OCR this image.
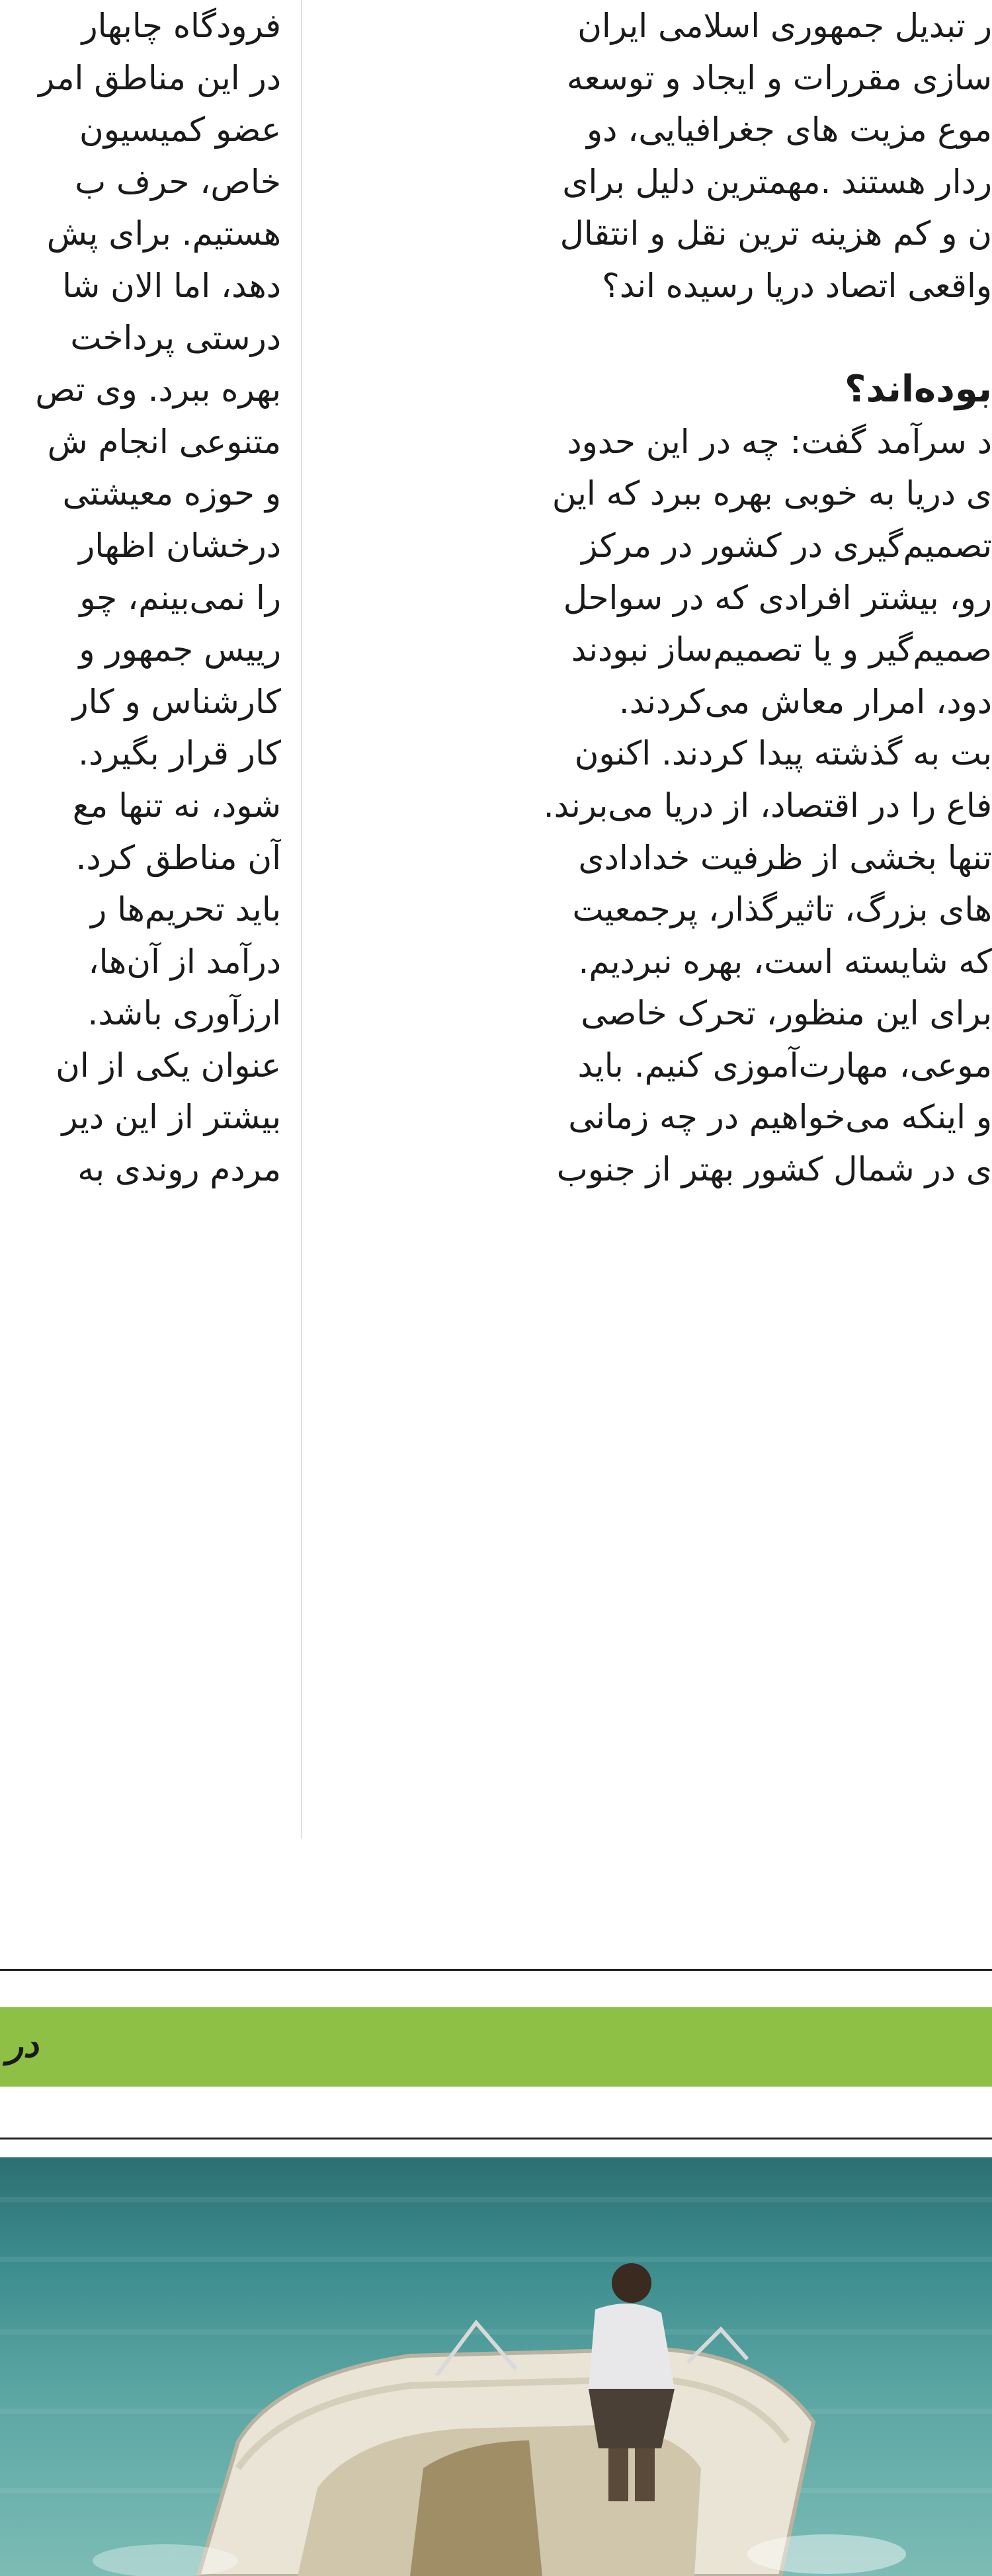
فرودگاه چابهار
در این مناطق امر
عضو کمیسیون
خاص، حرف ب
هستیم. برای پش
دهد، اما الان شا
درستی پرداخت
بهره ببرد. وی تص
متنوعی انجام ش
و حوزه معیشتی
درخشان اظهار
را نمی‌بینم، چو
رییس جمهور و
کارشناس و کار
کار قرار بگیرد.
شود، نه تنها مع
آن مناطق کرد.
باید تحریم‌ها ر
درآمد از آن‌ها،
ارزآوری باشد.
عنوان یکی از ان
بیشتر از این دیر
مردم روندی به
ر تبدیل جمهوری اسلامی ایران
سازی مقررات و ایجاد و توسعه
موع مزیت های جغرافیایی، دو
ردار هستند .مهمترین دلیل برای
ن و کم هزینه ترین نقل و انتقال
واقعی اتصاد دریا رسیده اند؟
بوده‌اند؟
د سرآمد گفت: چه در این حدود
ی دریا به خوبی بهره ببرد که این
تصمیم‌گیری در کشور در مرکز
رو، بیشتر افرادی که در سواحل
صمیم‌گیر و یا تصمیم‌ساز نبودند
دود، امرار معاش می‌کردند.
بت به گذشته پیدا کردند. اکنون
فاع را در اقتصاد، از دریا می‌برند.
تنها بخشی از ظرفیت خدادادی
های بزرگ، تاثیرگذار، پرجمعیت
که شایسته است، بهره نبردیم.
برای این منظور، تحرک خاصی
موعی، مهارت‌آموزی کنیم. باید
و اینکه می‌خواهیم در چه زمانی
ی در شمال کشور بهتر از جنوب
در
